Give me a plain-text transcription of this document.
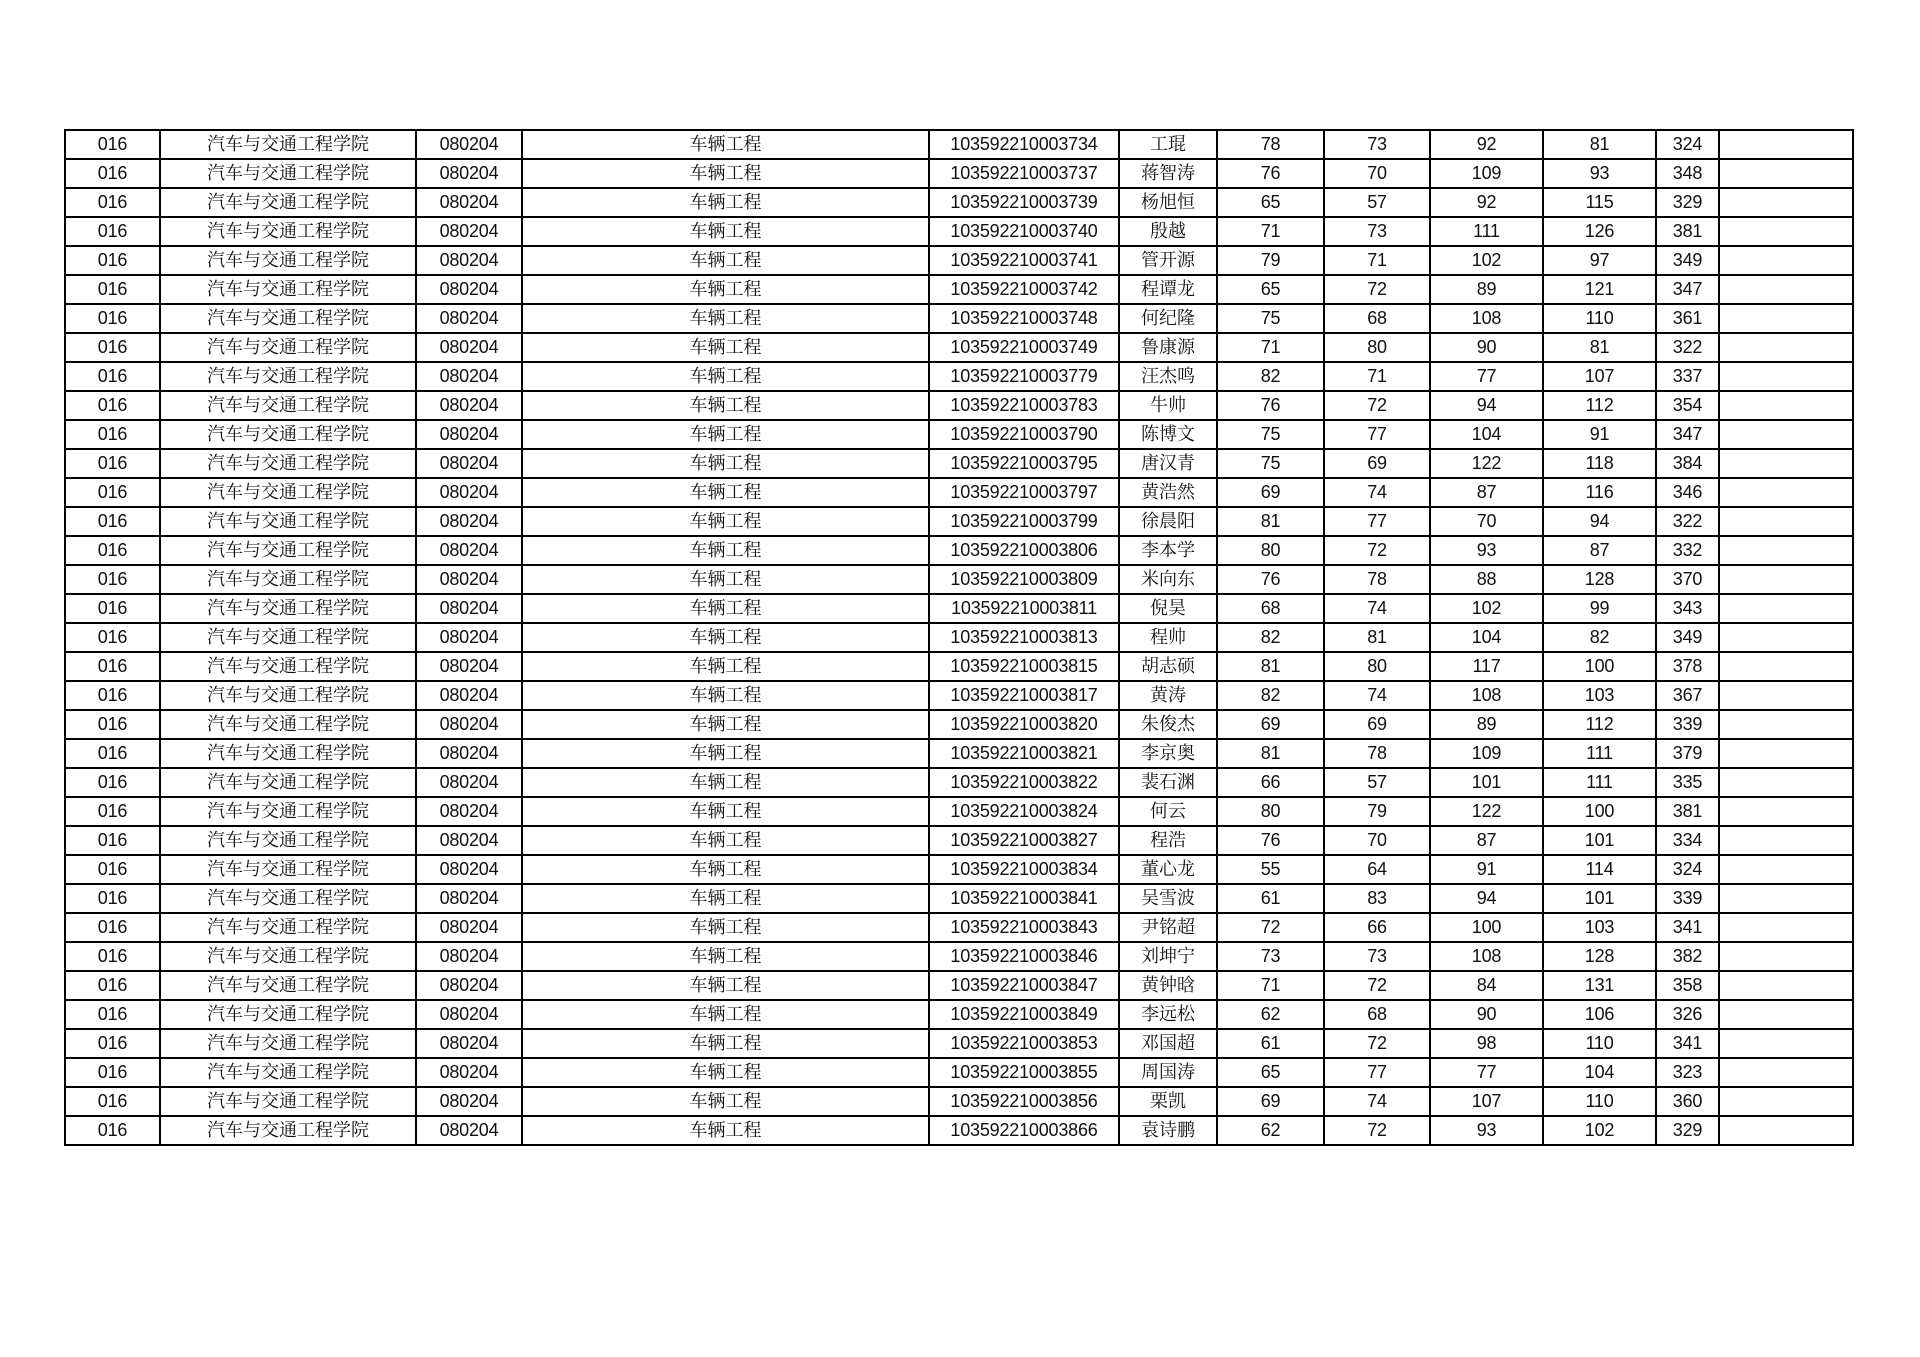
016	汽车与交通工程学院	080204	车辆工程	103592210003734	工琨	78	73	92	81	324	
016	汽车与交通工程学院	080204	车辆工程	103592210003737	蒋智涛	76	70	109	93	348	
016	汽车与交通工程学院	080204	车辆工程	103592210003739	杨旭恒	65	57	92	115	329	
016	汽车与交通工程学院	080204	车辆工程	103592210003740	殷越	71	73	111	126	381	
016	汽车与交通工程学院	080204	车辆工程	103592210003741	管开源	79	71	102	97	349	
016	汽车与交通工程学院	080204	车辆工程	103592210003742	程谭龙	65	72	89	121	347	
016	汽车与交通工程学院	080204	车辆工程	103592210003748	何纪隆	75	68	108	110	361	
016	汽车与交通工程学院	080204	车辆工程	103592210003749	鲁康源	71	80	90	81	322	
016	汽车与交通工程学院	080204	车辆工程	103592210003779	汪杰鸣	82	71	77	107	337	
016	汽车与交通工程学院	080204	车辆工程	103592210003783	牛帅	76	72	94	112	354	
016	汽车与交通工程学院	080204	车辆工程	103592210003790	陈博文	75	77	104	91	347	
016	汽车与交通工程学院	080204	车辆工程	103592210003795	唐汉青	75	69	122	118	384	
016	汽车与交通工程学院	080204	车辆工程	103592210003797	黄浩然	69	74	87	116	346	
016	汽车与交通工程学院	080204	车辆工程	103592210003799	徐晨阳	81	77	70	94	322	
016	汽车与交通工程学院	080204	车辆工程	103592210003806	李本学	80	72	93	87	332	
016	汽车与交通工程学院	080204	车辆工程	103592210003809	米向东	76	78	88	128	370	
016	汽车与交通工程学院	080204	车辆工程	103592210003811	倪昊	68	74	102	99	343	
016	汽车与交通工程学院	080204	车辆工程	103592210003813	程帅	82	81	104	82	349	
016	汽车与交通工程学院	080204	车辆工程	103592210003815	胡志硕	81	80	117	100	378	
016	汽车与交通工程学院	080204	车辆工程	103592210003817	黄涛	82	74	108	103	367	
016	汽车与交通工程学院	080204	车辆工程	103592210003820	朱俊杰	69	69	89	112	339	
016	汽车与交通工程学院	080204	车辆工程	103592210003821	李京奥	81	78	109	111	379	
016	汽车与交通工程学院	080204	车辆工程	103592210003822	裴石渊	66	57	101	111	335	
016	汽车与交通工程学院	080204	车辆工程	103592210003824	何云	80	79	122	100	381	
016	汽车与交通工程学院	080204	车辆工程	103592210003827	程浩	76	70	87	101	334	
016	汽车与交通工程学院	080204	车辆工程	103592210003834	董心龙	55	64	91	114	324	
016	汽车与交通工程学院	080204	车辆工程	103592210003841	吴雪波	61	83	94	101	339	
016	汽车与交通工程学院	080204	车辆工程	103592210003843	尹铭超	72	66	100	103	341	
016	汽车与交通工程学院	080204	车辆工程	103592210003846	刘坤宁	73	73	108	128	382	
016	汽车与交通工程学院	080204	车辆工程	103592210003847	黄钟晗	71	72	84	131	358	
016	汽车与交通工程学院	080204	车辆工程	103592210003849	李远松	62	68	90	106	326	
016	汽车与交通工程学院	080204	车辆工程	103592210003853	邓国超	61	72	98	110	341	
016	汽车与交通工程学院	080204	车辆工程	103592210003855	周国涛	65	77	77	104	323	
016	汽车与交通工程学院	080204	车辆工程	103592210003856	栗凯	69	74	107	110	360	
016	汽车与交通工程学院	080204	车辆工程	103592210003866	袁诗鹏	62	72	93	102	329	
